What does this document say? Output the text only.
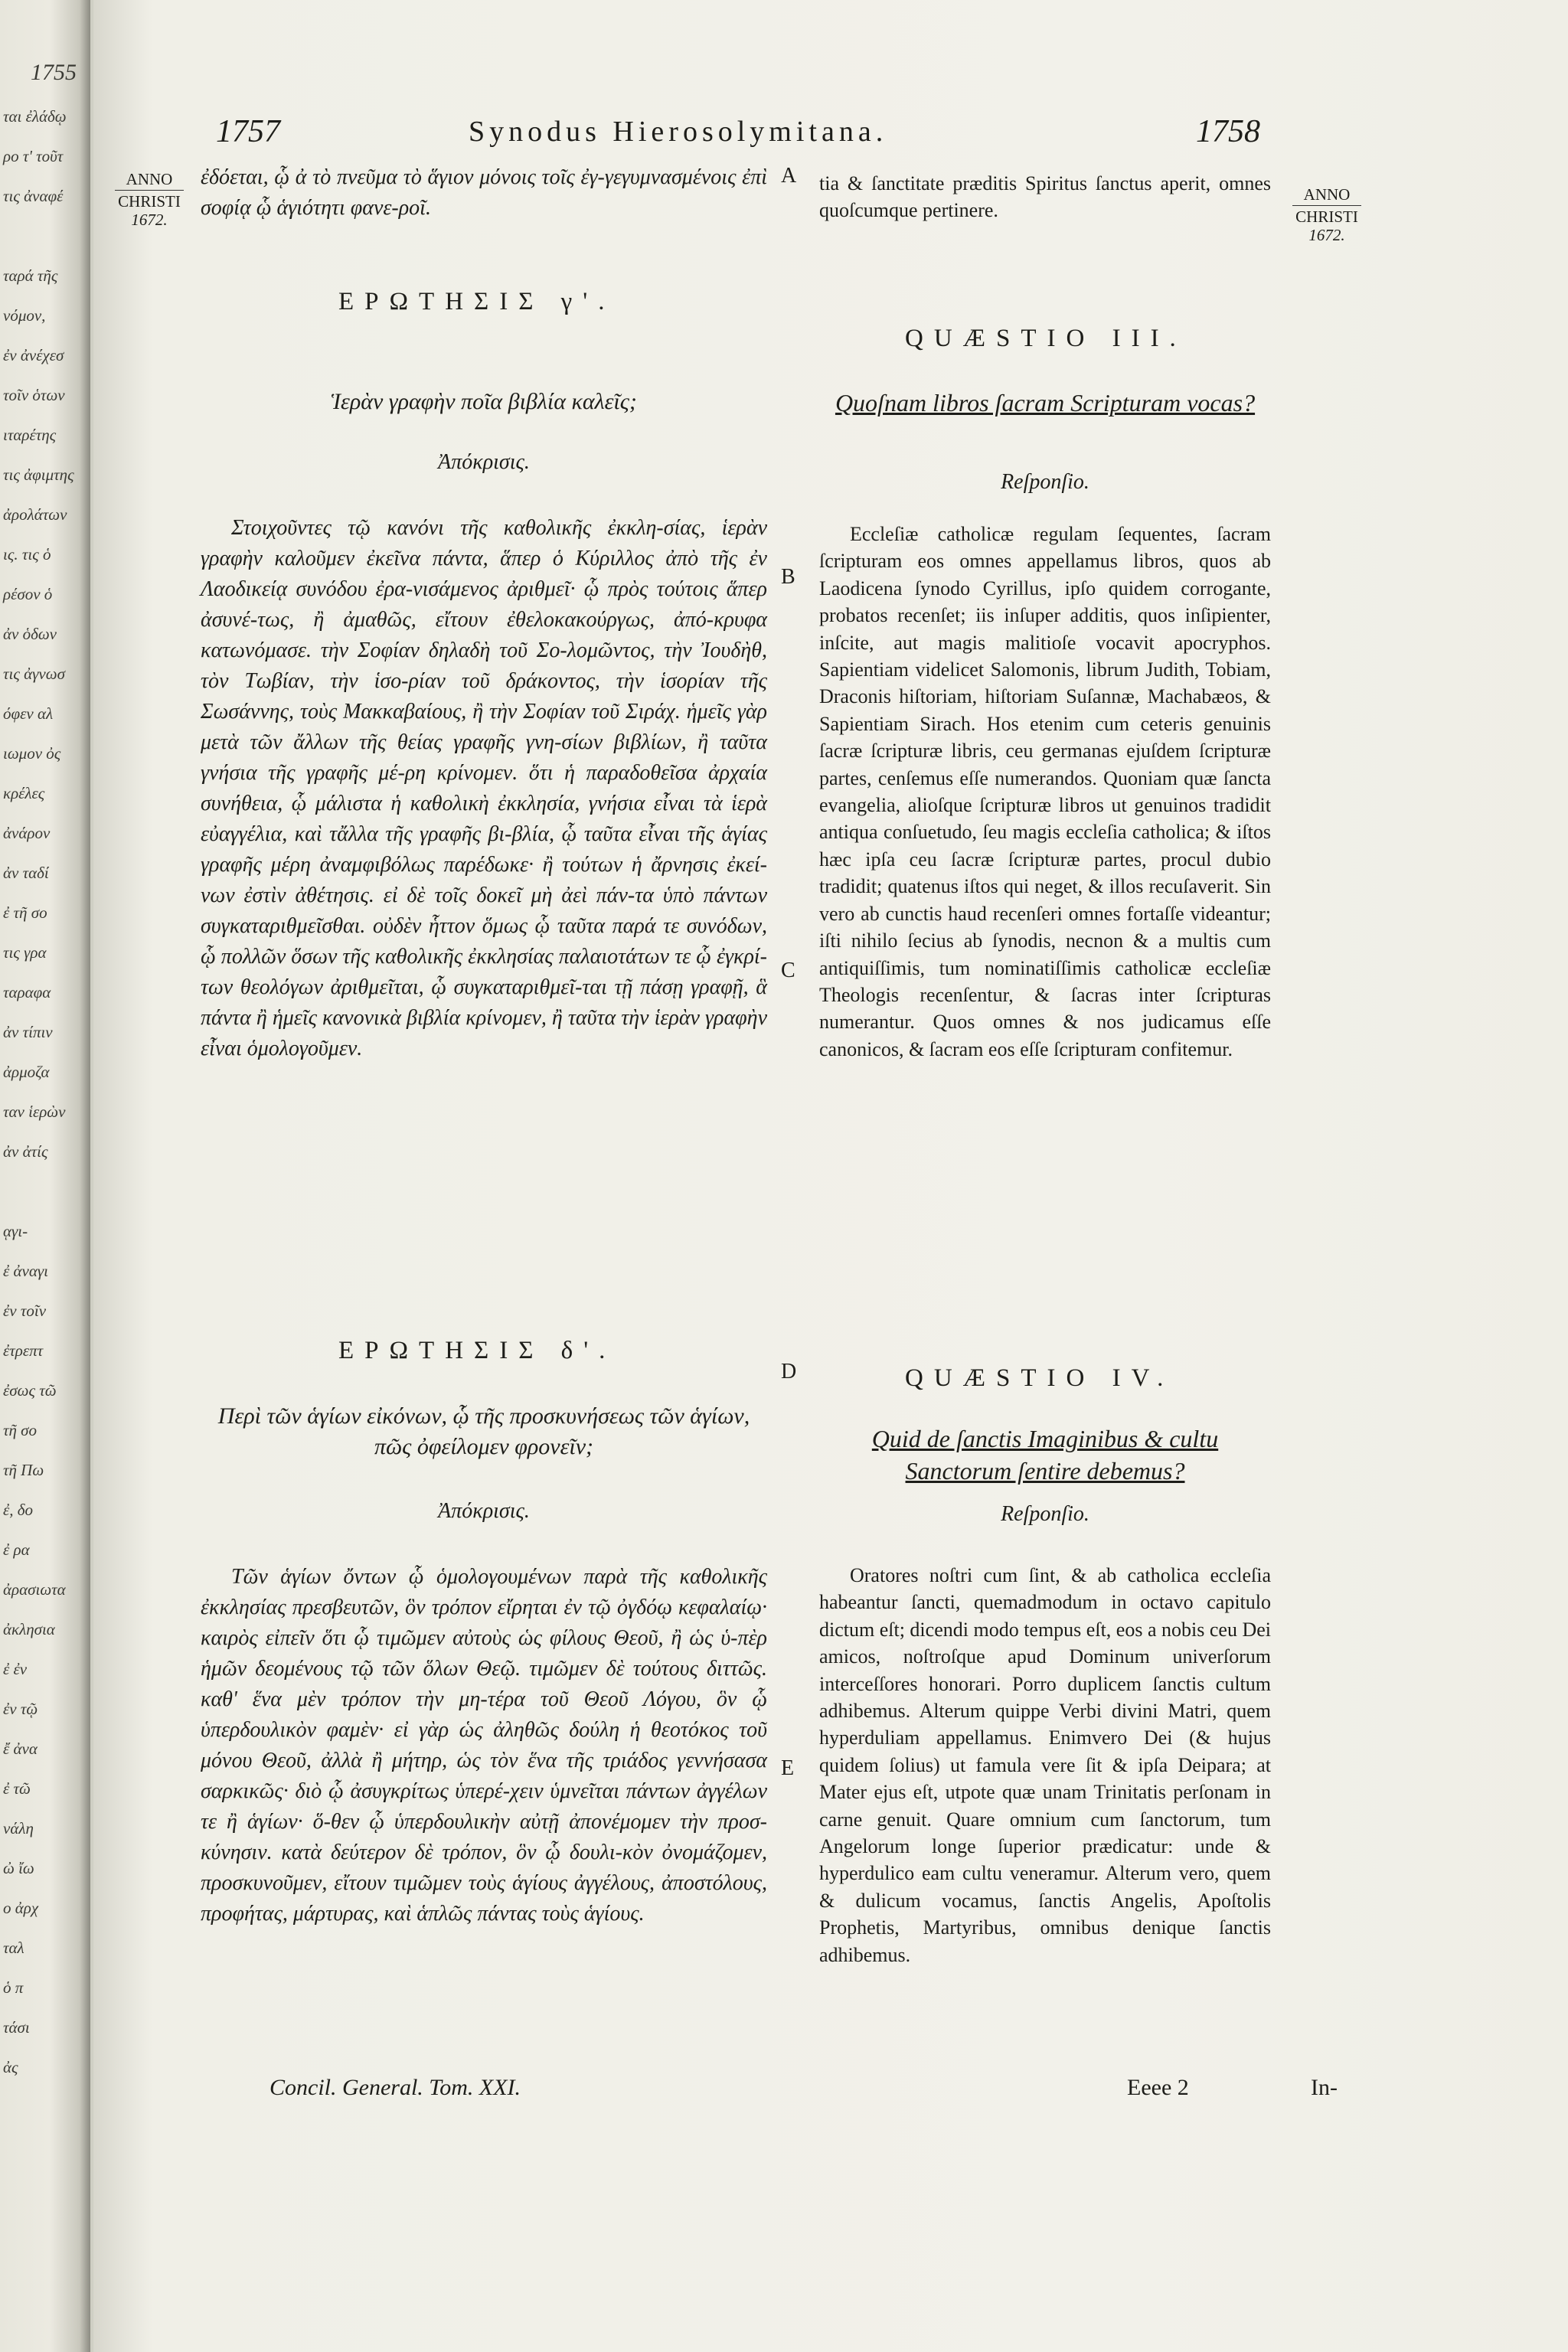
1755
ται ἐλάδῳ
ρο τ' τοῦτ
τις ἀναφέ
ταρά τῆς
νόμον,
ἐν ἀνέχεσ
τοῖν ὁτων
ιταρέτης
τις ἀφιμτης
ἀρολάτων
ις. τις ὁ
ρέσον ὁ
ἀν ὁδων
τις ἀγνωσ
όφεν αλ
ιωμον ὀς
κρέλες
ἀνάρον
ἀν ταδί
ἐ τῆ σο
τις γρα
ταραφα
ἀν τίπιν
ἀρμοζα
ταν ἱερὼν
ἀν ἀτίς
ᾳγι-
ἐ ἀναγι
ἐν τοῖν
ἐτρεπτ
ἐσως τῶ
τῆ σο
τῆ Πω
ἐ, δο
ἐ ρα
ἀρασιωτα
ἀκλησια
ἐ ἐν
ἐν τῷ
ἔ ἀνα
ἐ τῶ
νάλη
ὠ ἴω
ο ἀρχ
ταλ
ὁ π
τάσι
ἀς
1757	Synodus Hierosolymitana.	1758
ANNO
CHRISTI
1672.
ANNO
CHRISTI
1672.
A
B
C
D
E
ἐδόεται, ᾧ ἀ τὸ πνεῦμα τὸ ἅγιον μόνοις τοῖς ἐγ-γεγυμνασμένοις ἐπὶ σοφίᾳ ᾧ ἁγιότητι φανε-ροῖ.
ΕΡΩΤΗΣΙΣ γ'.
Ἱερὰν γραφὴν ποῖα βιβλία καλεῖς;
Ἀπόκρισις.

Στοιχοῦντες τῷ κανόνι τῆς καθολικῆς ἐκκλη-σίας, ἱερὰν γραφὴν καλοῦμεν ἐκεῖνα πάντα, ἅπερ ὁ Κύριλλος ἀπὸ τῆς ἐν Λαοδικείᾳ συνόδου ἐρα-νισάμενος ἀριθμεῖ· ᾧ πρὸς τούτοις ἅπερ ἀσυνέ-τως, ἢ ἀμαθῶς, εἴτουν ἐθελοκακούργως, ἀπό-κρυφα κατωνόμασε. τὴν Σοφίαν δηλαδὴ τοῦ Σο-λομῶντος, τὴν Ἰουδὴθ, τὸν Τωβίαν, τὴν ἱσο-ρίαν τοῦ δράκοντος, τὴν ἱσορίαν τῆς Σωσάννης, τοὺς Μακκαβαίους, ἢ τὴν Σοφίαν τοῦ Σιράχ. ἡμεῖς γὰρ μετὰ τῶν ἄλλων τῆς θείας γραφῆς γνη-σίων βιβλίων, ἢ ταῦτα γνήσια τῆς γραφῆς μέ-ρη κρίνομεν. ὅτι ἡ παραδοθεῖσα ἀρχαία συνήθεια, ᾧ μάλιστα ἡ καθολικὴ ἐκκλησία, γνήσια εἶναι τὰ ἱερὰ εὐαγγέλια, καὶ τἄλλα τῆς γραφῆς βι-βλία, ᾧ ταῦτα εἶναι τῆς ἁγίας γραφῆς μέρη ἀναμφιβόλως παρέδωκε· ἢ τούτων ἡ ἄρνησις ἐκεί-νων ἐστὶν ἀθέτησις. εἰ δὲ τοῖς δοκεῖ μὴ ἀεὶ πάν-τα ὑπὸ πάντων συγκαταριθμεῖσθαι. οὐδὲν ἧττον ὅμως ᾧ ταῦτα παρά τε συνόδων, ᾧ πολλῶν ὅσων τῆς καθολικῆς ἐκκλησίας παλαιοτάτων τε ᾧ ἐγκρί-των θεολόγων ἀριθμεῖται, ᾧ συγκαταριθμεῖ-ται τῇ πάσῃ γραφῇ, ἃ πάντα ἢ ἡμεῖς κανονικὰ βιβλία κρίνομεν, ἢ ταῦτα τὴν ἱερὰν γραφὴν εἶναι ὁμολογοῦμεν.

ΕΡΩΤΗΣΙΣ δ'.
Περὶ τῶν ἁγίων εἰκόνων, ᾧ τῆς προσκυνήσεως τῶν ἁγίων, πῶς ὀφείλομεν φρονεῖν;
Ἀπόκρισις.

Τῶν ἁγίων ὄντων ᾧ ὁμολογουμένων παρὰ τῆς καθολικῆς ἐκκλησίας πρεσβευτῶν, ὃν τρόπον εἴρηται ἐν τῷ ὀγδόῳ κεφαλαίῳ· καιρὸς εἰπεῖν ὅτι ᾧ τιμῶμεν αὐτοὺς ὡς φίλους Θεοῦ, ἢ ὡς ὑ-πὲρ ἡμῶν δεομένους τῷ τῶν ὅλων Θεῷ. τιμῶμεν δὲ τούτους διττῶς. καθ' ἕνα μὲν τρόπον τὴν μη-τέρα τοῦ Θεοῦ Λόγου, ὃν ᾧ ὑπερδουλικὸν φαμὲν· εἰ γὰρ ὡς ἀληθῶς δούλη ἡ θεοτόκος τοῦ μόνου Θεοῦ, ἀλλὰ ἢ μήτηρ, ὡς τὸν ἕνα τῆς τριάδος γεννήσασα σαρκικῶς· διὸ ᾧ ἀσυγκρίτως ὑπερέ-χειν ὑμνεῖται πάντων ἀγγέλων τε ἢ ἁγίων· ὅ-θεν ᾧ ὑπερδουλικὴν αὐτῇ ἀπονέμομεν τὴν προσ-κύνησιν. κατὰ δεύτερον δὲ τρόπον, ὃν ᾧ δουλι-κὸν ὀνομάζομεν, προσκυνοῦμεν, εἴτουν τιμῶμεν τοὺς ἁγίους ἀγγέλους, ἀποστόλους, προφήτας, μάρτυρας, καὶ ἁπλῶς πάντας τοὺς ἁγίους.

tia & ſanctitate præditis Spiritus ſanctus aperit, omnes quoſcumque pertinere.
QUÆSTIO III.
Quoſnam libros ſacram Scripturam vocas?
Reſponſio.

Eccleſiæ catholicæ regulam ſequentes, ſacram ſcripturam eos omnes appellamus libros, quos ab Laodicena ſynodo Cyrillus, ipſo quidem corrogante, probatos recenſet; iis inſuper additis, quos inſipienter, inſcite, aut magis malitioſe vocavit apocryphos. Sapientiam videlicet Salomonis, librum Judith, Tobiam, Draconis hiſtoriam, hiſtoriam Suſannæ, Machabæos, & Sapientiam Sirach. Hos etenim cum ceteris genuinis ſacræ ſcripturæ libris, ceu germanas ejuſdem ſcripturæ partes, cenſemus eſſe numerandos. Quoniam quæ ſancta evangelia, alioſque ſcripturæ libros ut genuinos tradidit antiqua conſuetudo, ſeu magis eccleſia catholica; & iſtos hæc ipſa ceu ſacræ ſcripturæ partes, procul dubio tradidit; quatenus iſtos qui neget, & illos recuſaverit. Sin vero ab cunctis haud recenſeri omnes fortaſſe videantur; iſti nihilo ſecius ab ſynodis, necnon & a multis cum antiquiſſimis, tum nominatiſſimis catholicæ eccleſiæ Theologis recenſentur, & ſacras inter ſcripturas numerantur. Quos omnes & nos judicamus eſſe canonicos, & ſacram eos eſſe ſcripturam confitemur.

QUÆSTIO IV.
Quid de ſanctis Imaginibus & cultu Sanctorum ſentire debemus?
Reſponſio.

Oratores noſtri cum ſint, & ab catholica eccleſia habeantur ſancti, quemadmodum in octavo capitulo dictum eſt; dicendi modo tempus eſt, eos a nobis ceu Dei amicos, noſtroſque apud Dominum univerſorum interceſſores honorari. Porro duplicem ſanctis cultum adhibemus. Alterum quippe Verbi divini Matri, quem hyperduliam appellamus. Enimvero Dei (& hujus quidem ſolius) ut famula vere ſit & ipſa Deipara; at Mater ejus eſt, utpote quæ unam Trinitatis perſonam in carne genuit. Quare omnium cum ſanctorum, tum Angelorum longe ſuperior prædicatur: unde & hyperdulico eam cultu veneramur. Alterum vero, quem & dulicum vocamus, ſanctis Angelis, Apoſtolis Prophetis, Martyribus, omnibus denique ſanctis adhibemus.

Concil. General. Tom. XXI.	Eeee 2	In-
